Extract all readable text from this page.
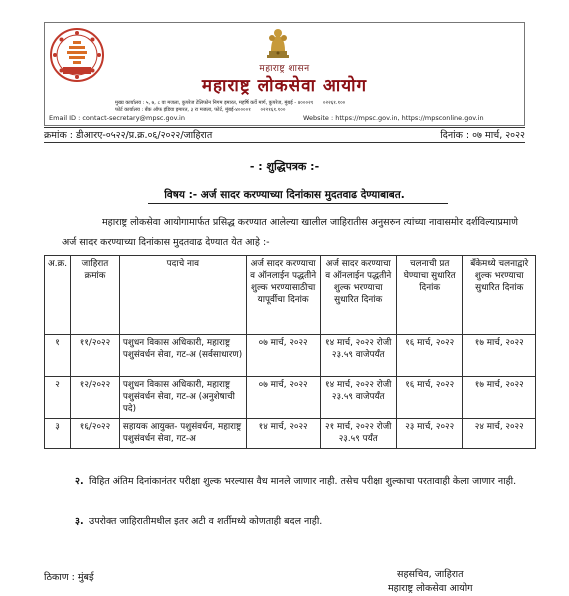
महाराष्ट्र शासन
महाराष्ट्र लोकसेवा आयोग
मुख्य कार्यालय : ५, ७, ८ वा मजला, कुपरेज टेलिफोन निगम इमारत, महर्षि कर्वे मार्ग, कुपरेज, मुंबई - ४०००२१ ०२२६१.१००
फोर्ट कार्यालय : बँक ऑफ इंडिया इमारत, ३ रा मजला, फोर्ट, मुंबई-४००००१ ०२२१६१.१००
Email ID : contact-secretary@mpsc.gov.in	Website : https://mpsc.gov.in, https://mpsconline.gov.in
क्रमांक : डीआरए-०५२२/प्र.क्र.०६/२०२२/जाहिरात	दिनांक : ०७ मार्च, २०२२
- : शुद्धिपत्रक :-
विषय :- अर्ज सादर करण्याच्या दिनांकास मुदतवाढ देण्याबाबत.
महाराष्ट्र लोकसेवा आयोगामार्फत प्रसिद्ध करण्यात आलेल्या खालील जाहिरातीस अनुसरुन त्यांच्या नावासमोर दर्शविल्याप्रमाणे अर्ज सादर करण्याच्या दिनांकास मुदतवाढ देण्यात येत आहे :-
अ.क्र.	जाहिरात क्रमांक	पदाचे नाव	अर्ज सादर करण्याचा व ऑनलाईन पद्धतीने शुल्क भरण्यासाठीचा यापूर्वीचा दिनांक	अर्ज सादर करण्याचा व ऑनलाईन पद्धतीने शुल्क भरण्याचा सुधारित दिनांक	चलनाची प्रत घेण्याचा सुधारित दिनांक	बँकेमध्ये चलनाद्वारे शुल्क भरण्याचा सुधारित दिनांक
१	११/२०२२	पशुधन विकास अधिकारी, महाराष्ट्र पशुसंवर्धन सेवा, गट-अ (सर्वसाधारण)	०७ मार्च, २०२२	१४ मार्च, २०२२ रोजी २३.५९ वाजेपर्यंत	१६ मार्च, २०२२	१७ मार्च, २०२२
२	१२/२०२२	पशुधन विकास अधिकारी, महाराष्ट्र पशुसंवर्धन सेवा, गट-अ (अनुशेषाची पदे)	०७ मार्च, २०२२	१४ मार्च, २०२२ रोजी २३.५९ वाजेपर्यंत	१६ मार्च, २०२२	१७ मार्च, २०२२
३	१६/२०२२	सहायक आयुक्त- पशुसंवर्धन, महाराष्ट्र पशुसंवर्धन सेवा, गट-अ	१४ मार्च, २०२२	२१ मार्च, २०२२ रोजी २३.५९ पर्यंत	२३ मार्च, २०२२	२४ मार्च, २०२२
२. विहित अंतिम दिनांकानंतर परीक्षा शुल्क भरल्यास वैध मानले जाणार नाही. तसेच परीक्षा शुल्काचा परतावाही केला जाणार नाही.
३. उपरोक्त जाहिरातीमधील इतर अटी व शर्तीमध्ये कोणताही बदल नाही.
ठिकाण : मुंबई	सहसचिव, जाहिरात
महाराष्ट्र लोकसेवा आयोग
